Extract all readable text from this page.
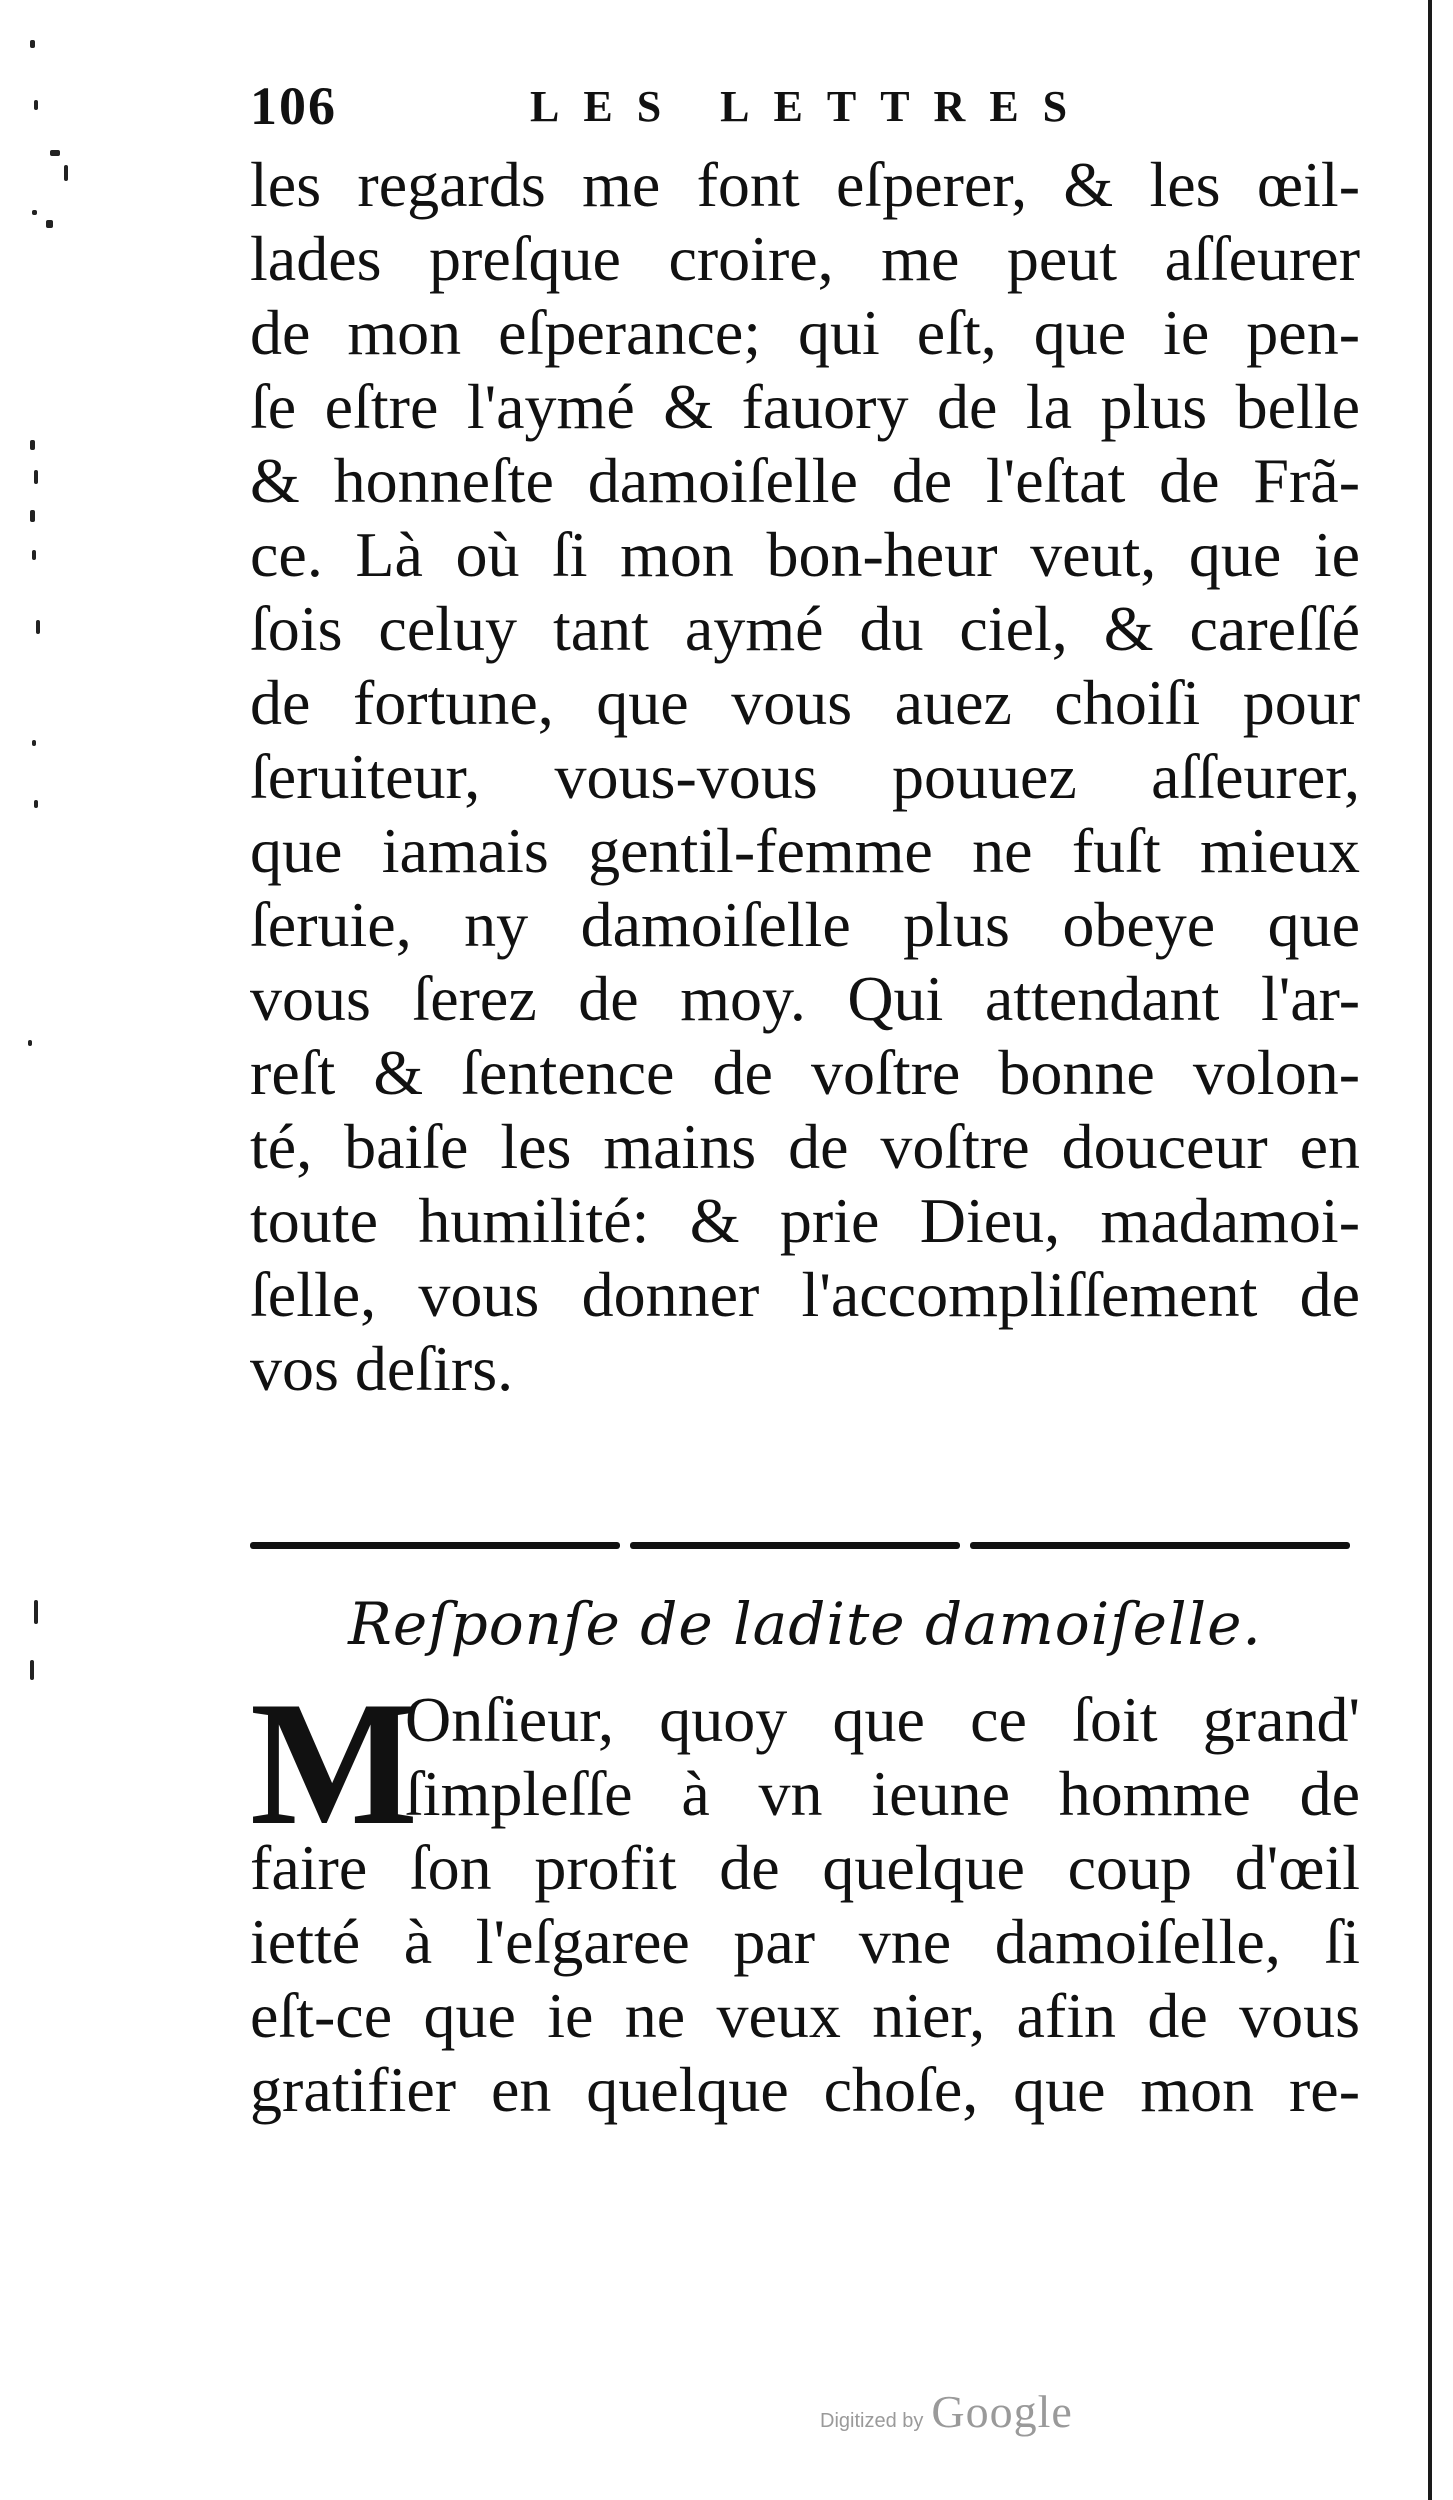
106	LES LETTRES
les regards me font eſperer, & les œil-
lades preſque croire, me peut aſſeurer
de mon eſperance; qui eſt, que ie pen-
ſe eſtre l'aymé & fauory de la plus belle
& honneſte damoiſelle de l'eſtat de Frã-
ce. Là où ſi mon bon-heur veut, que ie
ſois celuy tant aymé du ciel, & careſſé
de fortune, que vous auez choiſi pour
ſeruiteur, vous-vous pouuez aſſeurer,
que iamais gentil-femme ne fuſt mieux
ſeruie, ny damoiſelle plus obeye que
vous ſerez de moy. Qui attendant l'ar-
reſt & ſentence de voſtre bonne volon-
té, baiſe les mains de voſtre douceur en
toute humilité: & prie Dieu, madamoi-
ſelle, vous donner l'accompliſſement de
vos deſirs.
Reſponſe de ladite damoiſelle.
M
Onſieur, quoy que ce ſoit grand'
ſimpleſſe à vn ieune homme de
faire ſon profit de quelque coup d'œil
ietté à l'eſgaree par vne damoiſelle, ſi
eſt-ce que ie ne veux nier, afin de vous
gratifier en quelque choſe, que mon re-
Digitized by Google
